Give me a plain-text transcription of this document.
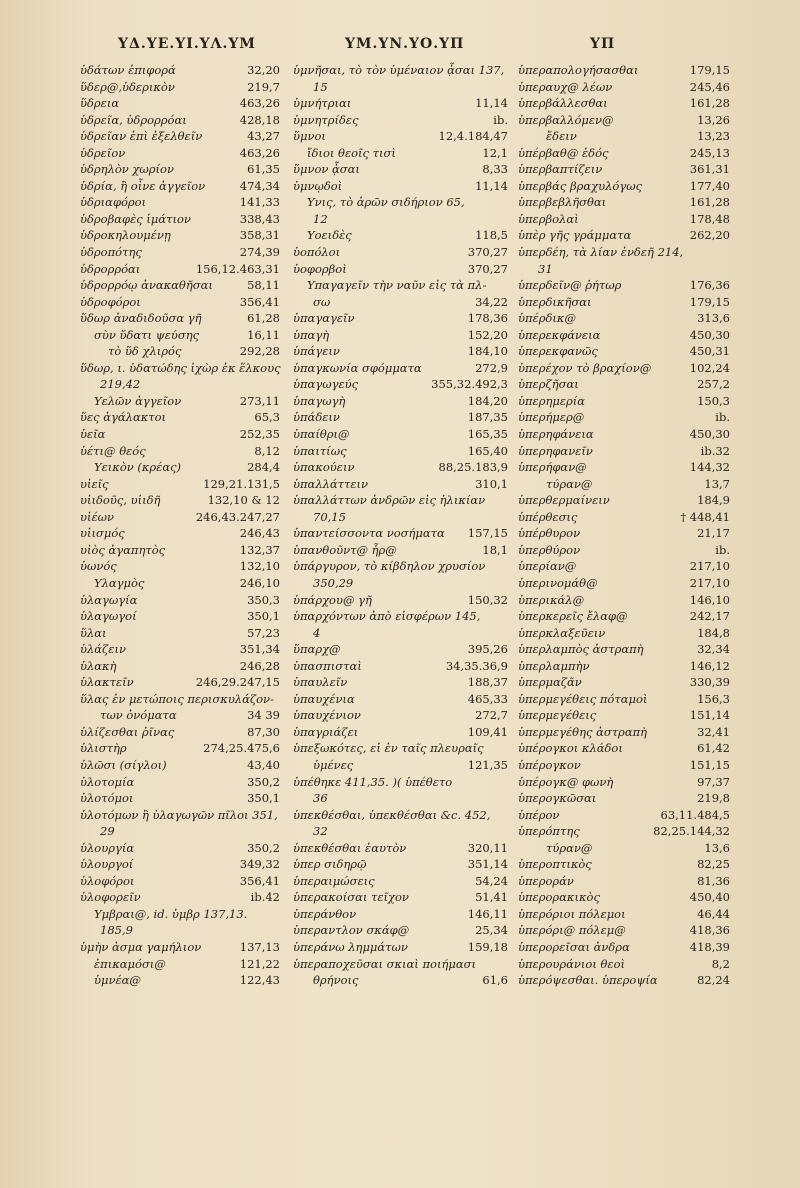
ΥΔ.ΥΕ.ΥΙ.ΥΛ.ΥΜ	ΥΜ.ΥΝ.ΥΟ.ΥΠ	ΥΠ
ὑδάτων ἐπιφορά	32,20
ὕδερ@,ὑδερικὸν	219,7
ὕδρεια	463,26
ὑδρεῖα, ὑδρορρόαι	428,18
ὑδρεῖαν ἐπὶ ἐξελθεῖν	43,27
ὑδρεῖον	463,26
ὑδρηλὸν χωρίον	61,35
ὑδρία, ἢ οἶνε ἀγγεῖον	474,34
ὑδριαφόροι	141,33
ὑδροβαφὲς ἱμάτιον	338,43
ὑδροκηλουμένῃ	358,31
ὑδροπότης	274,39
ὑδρορρόαι	156,12.463,31
ὑδρορρόῳ ἀνακαθῆσαι	58,11
ὑδροφόροι	356,41
ὕδωρ ἀναδιδοῦσα γῆ	61,28
σὺν ὕδατι ψεύσης	16,11
τὸ ὕδ χλιρός	292,28
ὕδωρ, ι. ὑδατώδης ἰχὼρ ἐκ ἕλκους
219,42
Υελῶν ἀγγεῖον	273,11
ὕες ἀγάλακτοι	65,3
ὑεῖα	252,35
ὑέτι@ θεός	8,12
Υεικὸν (κρέας)	284,4
υἱεῖς	129,21.131,5
υἱιδοῦς, υἱιδῆ	132,10 & 12
υἱέων	246,43.247,27
υἱισμός	246,43
υἱὸς ἀγαπητὸς	132,37
ὑωνός	132,10
Υλαγμὸς	246,10
ὑλαγωγία	350,3
ὑλαγωγοί	350,1
ὕλαι	57,23
ὑλάζειν	351,34
ὑλακὴ	246,28
ὑλακτεῖν	246,29.247,15
ὕλας ἐν μετώποις περισκυλάζον-
των ὀνόματα	34 39
ὑλίζεσθαι ῥῖνας	87,30
ὑλιστὴρ	274,25.475,6
ὑλῶσι (σίγλοι)	43,40
ὑλοτομία	350,2
ὑλοτόμοι	350,1
ὑλοτόμων ἢ ὑλαγωγῶν πῖλοι 351,
29
ὑλουργία	350,2
ὑλουργοί	349,32
ὑλοφόροι	356,41
ὑλοφορεῖν	ib.42
Υμβραι@, id. ὑμβρ 137,13.
185,9
ὑμὴν ἀσμα γαμήλιον	137,13
ἐπικαμόσι@	121,22
ὑμνέα@	122,43
ὑμνῆσαι, τὸ τὸν ὑμέναιον ᾆσαι 137,
15
ὑμνήτριαι	11,14
ὑμνητρίδες	ib.
ὕμνοι	12,4.184,47
ἴδιοι θεοῖς τισὶ	12,1
ὕμνον ᾆσαι	8,33
ὑμνῳδοὶ	11,14
Υνις, τὸ ἀρῶν σιδήριον 65,
12
Υοειδὲς	118,5
ὑοπόλοι	370,27
ὑοφορβοὶ	370,27
Υπαγαγεῖν τὴν ναῦν εἰς τὰ πλ-
σω	34,22
ὑπαγαγεῖν	178,36
ὑπαγὴ	152,20
ὑπάγειν	184,10
ὑπαγκωνία σφόμματα	272,9
ὑπαγωγεύς	355,32.492,3
ὑπαγωγὴ	184,20
ὑπάδειν	187,35
ὑπαίθρι@	165,35
ὑπαιτίως	165,40
ὑπακούειν	88,25.183,9
ὑπαλλάττειν	310,1
ὑπαλλάττων ἀνδρῶν εἰς ἡλικίαν
70,15
ὑπαντείσσοντα νοσήματα 157,15
ὑπανθοῦντ@ ἦρ@	18,1
ὑπάργυρον, τὸ κίβδηλον χρυσίον
350,29
ὑπάρχου@ γῆ	150,32
ὑπαρχόντων ἀπὸ εἰσφέρων 145,
4
ὕπαρχ@	395,26
ὑπασπισταὶ	34,35.36,9
ὑπαυλεῖν	188,37
ὑπαυχένια	465,33
ὑπαυχένιον	272,7
ὑπαγριάζει	109,41
ὑπεξωκότες, εἰ ἐν ταῖς πλευραῖς
ὑμένες	121,35
ὑπέθηκε 411,35. )( ὑπέθετο
36
ὑπεκθέσθαι, ὑπεκθέσθαι &c. 452,
32
ὑπεκθέσθαι ἑαυτὸν	320,11
ὑπερ σιδηρῷ	351,14
ὑπεραιμώσεις	54,24
ὑπερακοίσαι τεῖχον	51,41
ὑπεράνθον	146,11
ὑπεραντλον σκάφ@	25,34
ὑπεράνω λημμάτων	159,18
ὑπεραποχεῦσαι σκιαὶ ποιήμασι
θρήνοις	61,6
ὑπεραπολογήσασθαι	179,15
ὑπεραυχ@ λέων	245,46
ὑπερβάλλεσθαι	161,28
ὑπερβαλλόμεν@	13,26
ἔδειν	13,23
ὑπέρβαθ@ ἐδός	245,13
ὑπερβαπτίζειν	361,31
ὑπερβάς βραχυλόγως	177,40
ὑπερβεβλῆσθαι	161,28
ὑπερβολαὶ	178,48
ὑπὲρ γῆς γράμματα	262,20
ὑπερδέη, τὰ λίαν ἐνδεῆ 214,
31
ὑπερδεῖν@ ῥήτωρ	176,36
ὑπερδικῆσαι	179,15
ὑπέρδικ@	313,6
ὑπερεκφάνεια	450,30
ὑπερεκφανῶς	450,31
ὑπερέχον τὸ βραχίον@	102,24
ὑπερζῆσαι	257,2
ὑπερημερία	150,3
ὑπερήμερ@	ib.
ὑπερηφάνεια	450,30
ὑπερηφανεῖν	ib.32
ὑπερήφαν@	144,32
τύραν@	13,7
ὑπερθερμαίνειν	184,9
ὑπέρθεσις	† 448,41
ὑπέρθυρον	21,17
ὑπερθύρον	ib.
ὑπερίαν@	217,10
ὑπερινομάθ@	217,10
ὑπερικάλ@	146,10
ὑπερκερεῖς ἔλαφ@	242,17
ὑπερκλαξεῦειν	184,8
ὑπερλαμπὸς ἀστραπὴ	32,34
ὑπερλαμπὴν	146,12
ὑπερμαζᾶν	330,39
ὑπερμεγέθεις πόταμοὶ	156,3
ὑπερμεγέθεις	151,14
ὑπερμεγέθης ἀστραπὴ	32,41
ὑπέρογκοι κλάδοι	61,42
ὑπέρογκον	151,15
ὑπέρογκ@ φωνὴ	97,37
ὑπερογκῶσαι	219,8
ὑπέρον	63,11.484,5
ὑπερόπτης	82,25.144,32
τύραν@	13,6
ὑπεροπτικὸς	82,25
ὑπεροράν	81,36
ὑπερορακικὸς	450,40
ὑπερόριοι πόλεμοι	46,44
ὑπερόρι@ πόλεμ@	418,36
ὑπερορεῖσαι ἀνδρα	418,39
ὑπερουράνιοι θεοὶ	8,2
ὑπερόψεσθαι. ὑπεροψία	82,24
